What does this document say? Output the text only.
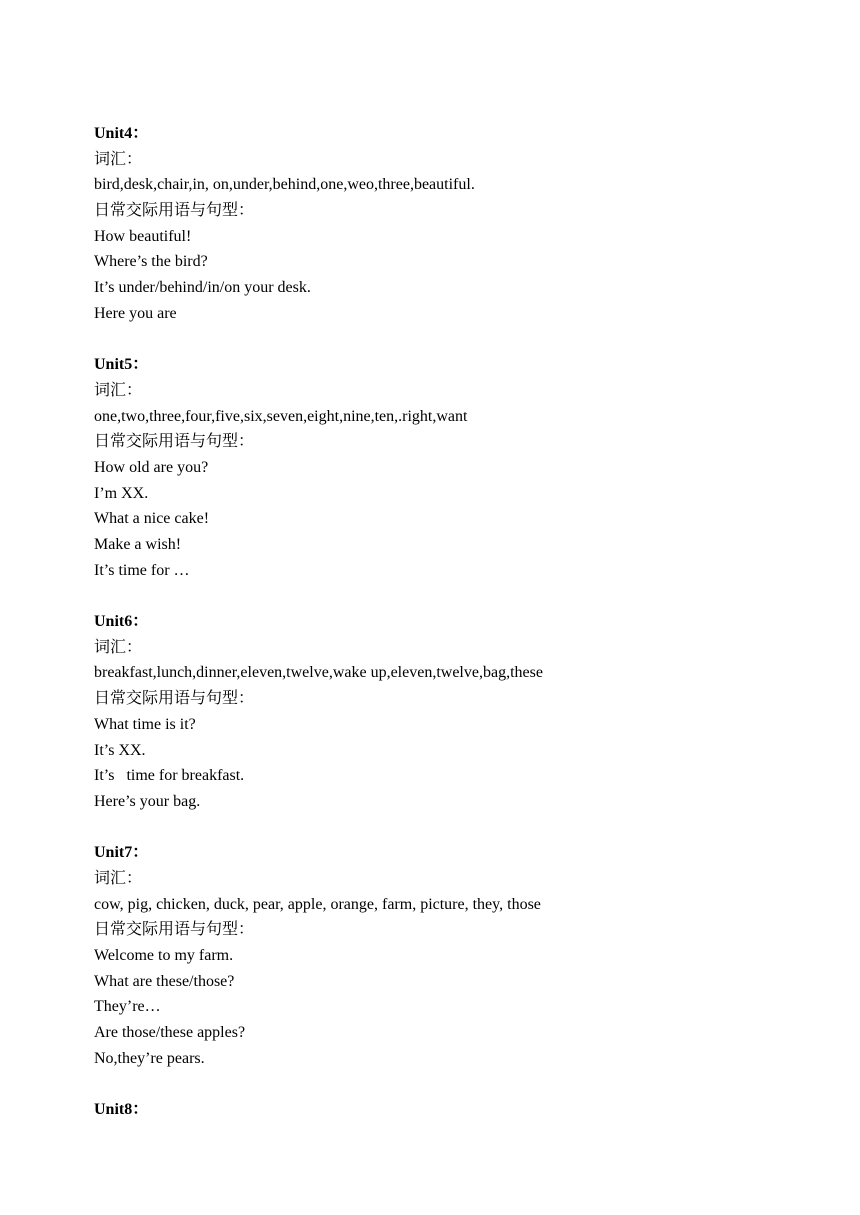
Unit4：
词汇：
bird,desk,chair,in, on,under,behind,one,weo,three,beautiful.
日常交际用语与句型：
How beautiful!
Where’s the bird?
It’s under/behind/in/on your desk.
Here you are
Unit5：
词汇：
one,two,three,four,five,six,seven,eight,nine,ten,.right,want
日常交际用语与句型：
How old are you?
I’m XX.
What a nice cake!
Make a wish!
It’s time for …
Unit6：
词汇：
breakfast,lunch,dinner,eleven,twelve,wake up,eleven,twelve,bag,these
日常交际用语与句型：
What time is it?
It’s XX.
It’s   time for breakfast.
Here’s your bag.
Unit7：
词汇：
cow, pig, chicken, duck, pear, apple, orange, farm, picture, they, those
日常交际用语与句型：
Welcome to my farm.
What are these/those?
They’re…
Are those/these apples?
No,they’re pears.
Unit8：
